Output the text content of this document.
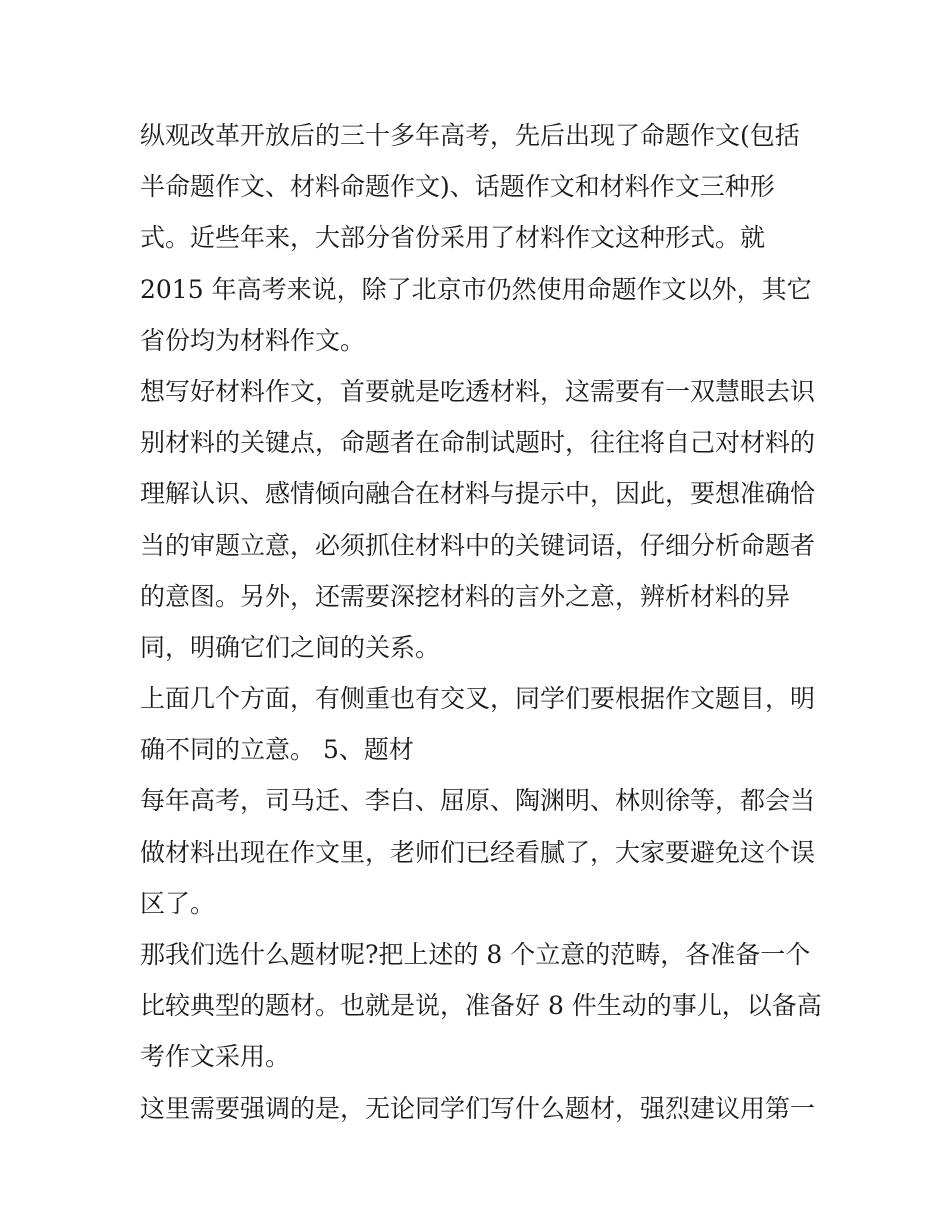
纵观改革开放后的三十多年高考，先后出现了命题作文(包括
半命题作文、材料命题作文)、话题作文和材料作文三种形
式。近些年来，大部分省份采用了材料作文这种形式。就
2015 年高考来说，除了北京市仍然使用命题作文以外，其它
省份均为材料作文。
想写好材料作文，首要就是吃透材料，这需要有一双慧眼去识
别材料的关键点，命题者在命制试题时，往往将自己对材料的
理解认识、感情倾向融合在材料与提示中，因此，要想准确恰
当的审题立意，必须抓住材料中的关键词语，仔细分析命题者
的意图。另外，还需要深挖材料的言外之意，辨析材料的异
同，明确它们之间的关系。
上面几个方面，有侧重也有交叉，同学们要根据作文题目，明
确不同的立意。 5、题材
每年高考，司马迁、李白、屈原、陶渊明、林则徐等，都会当
做材料出现在作文里，老师们已经看腻了，大家要避免这个误
区了。
那我们选什么题材呢?把上述的 8 个立意的范畴，各准备一个
比较典型的题材。也就是说，准备好 8 件生动的事儿，以备高
考作文采用。
这里需要强调的是，无论同学们写什么题材，强烈建议用第一
